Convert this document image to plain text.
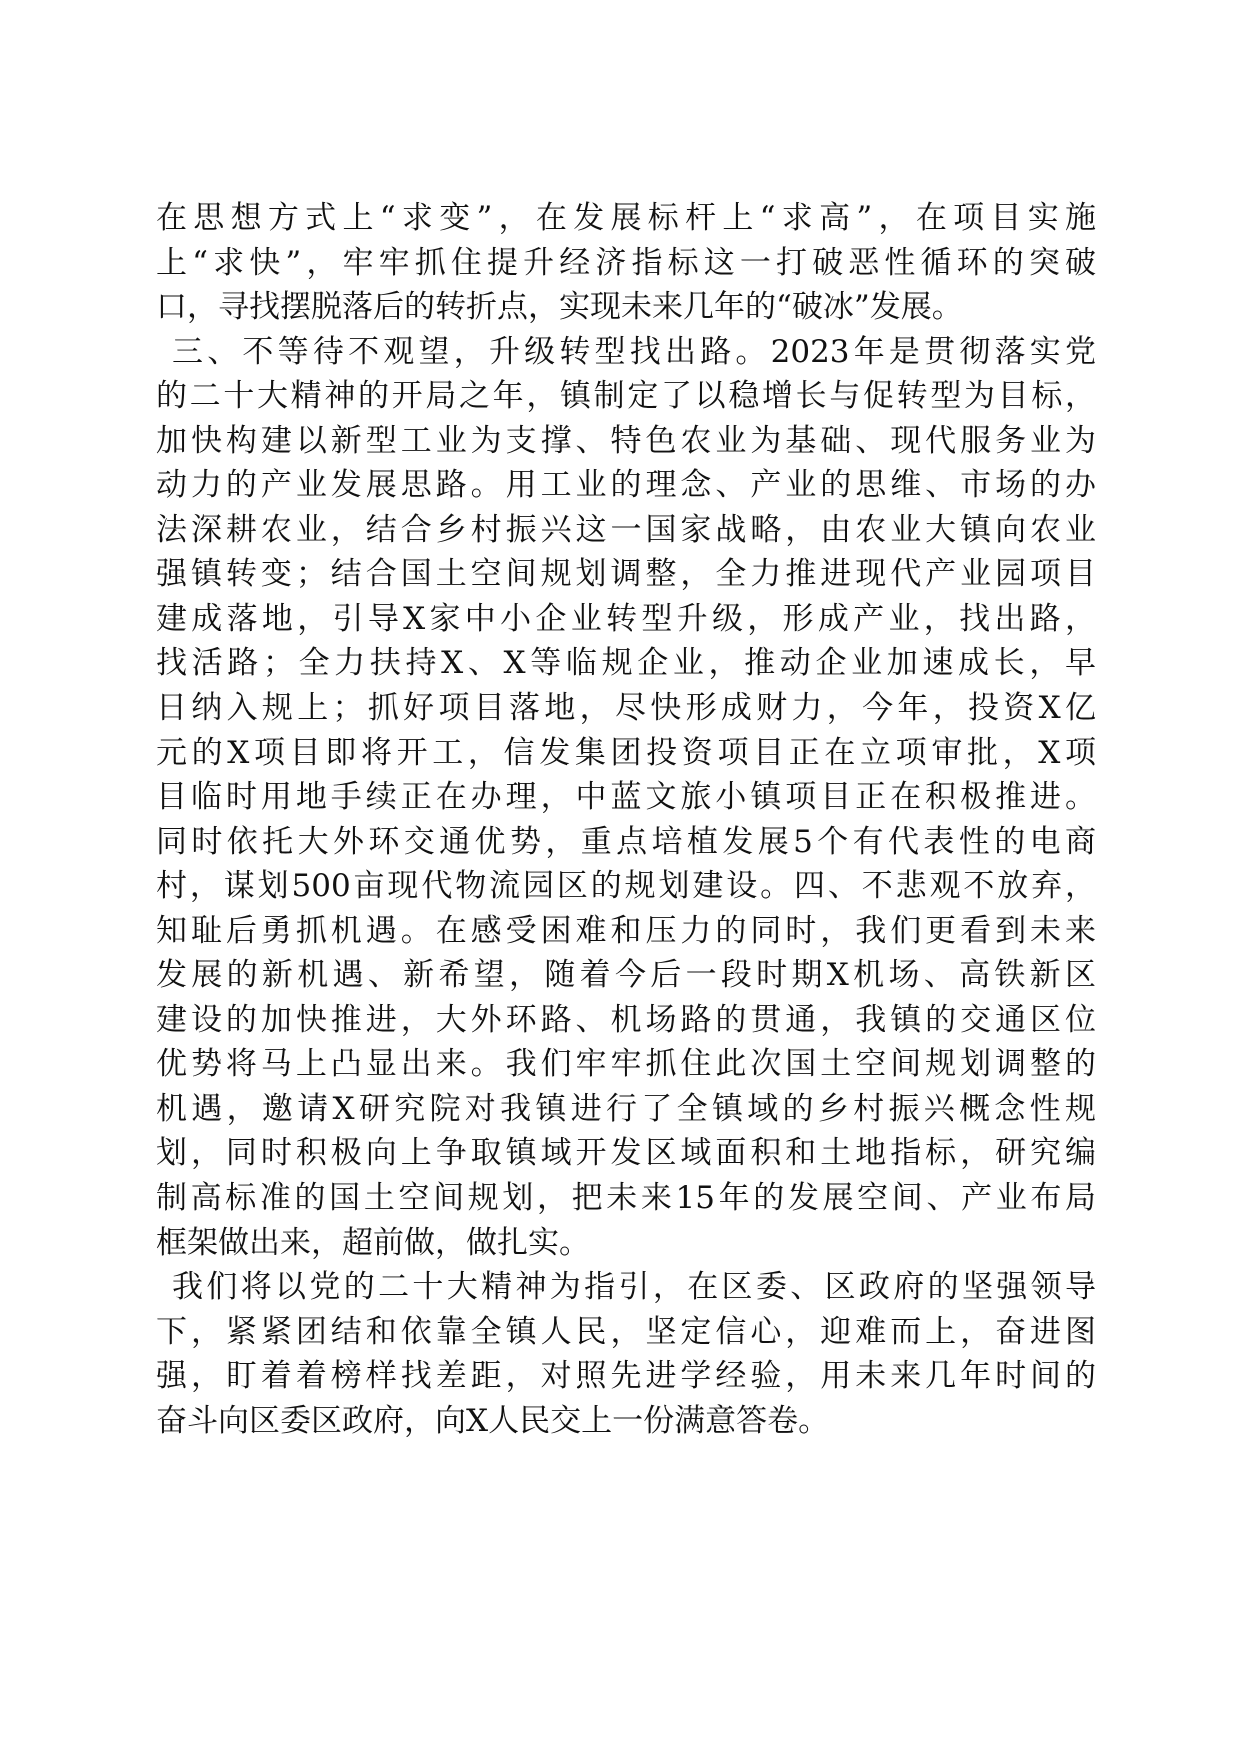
在思想方式上“求变”，在发展标杆上“求高”，在项目实施
上“求快”，牢牢抓住提升经济指标这一打破恶性循环的突破
口，寻找摆脱落后的转折点，实现未来几年的“破冰”发展。
三、不等待不观望，升级转型找出路。2023年是贯彻落实党
的二十大精神的开局之年，镇制定了以稳增长与促转型为目标，
加快构建以新型工业为支撑、特色农业为基础、现代服务业为
动力的产业发展思路。用工业的理念、产业的思维、市场的办
法深耕农业，结合乡村振兴这一国家战略，由农业大镇向农业
强镇转变；结合国土空间规划调整，全力推进现代产业园项目
建成落地，引导X家中小企业转型升级，形成产业，找出路，
找活路；全力扶持X、X等临规企业，推动企业加速成长，早
日纳入规上；抓好项目落地，尽快形成财力，今年，投资X亿
元的X项目即将开工，信发集团投资项目正在立项审批，X项
目临时用地手续正在办理，中蓝文旅小镇项目正在积极推进。
同时依托大外环交通优势，重点培植发展5个有代表性的电商
村，谋划500亩现代物流园区的规划建设。四、不悲观不放弃，
知耻后勇抓机遇。在感受困难和压力的同时，我们更看到未来
发展的新机遇、新希望，随着今后一段时期X机场、高铁新区
建设的加快推进，大外环路、机场路的贯通，我镇的交通区位
优势将马上凸显出来。我们牢牢抓住此次国土空间规划调整的
机遇，邀请X研究院对我镇进行了全镇域的乡村振兴概念性规
划，同时积极向上争取镇域开发区域面积和土地指标，研究编
制高标准的国土空间规划，把未来15年的发展空间、产业布局
框架做出来，超前做，做扎实。
我们将以党的二十大精神为指引，在区委、区政府的坚强领导
下，紧紧团结和依靠全镇人民，坚定信心，迎难而上，奋进图
强，盯着着榜样找差距，对照先进学经验，用未来几年时间的
奋斗向区委区政府，向X人民交上一份满意答卷。
